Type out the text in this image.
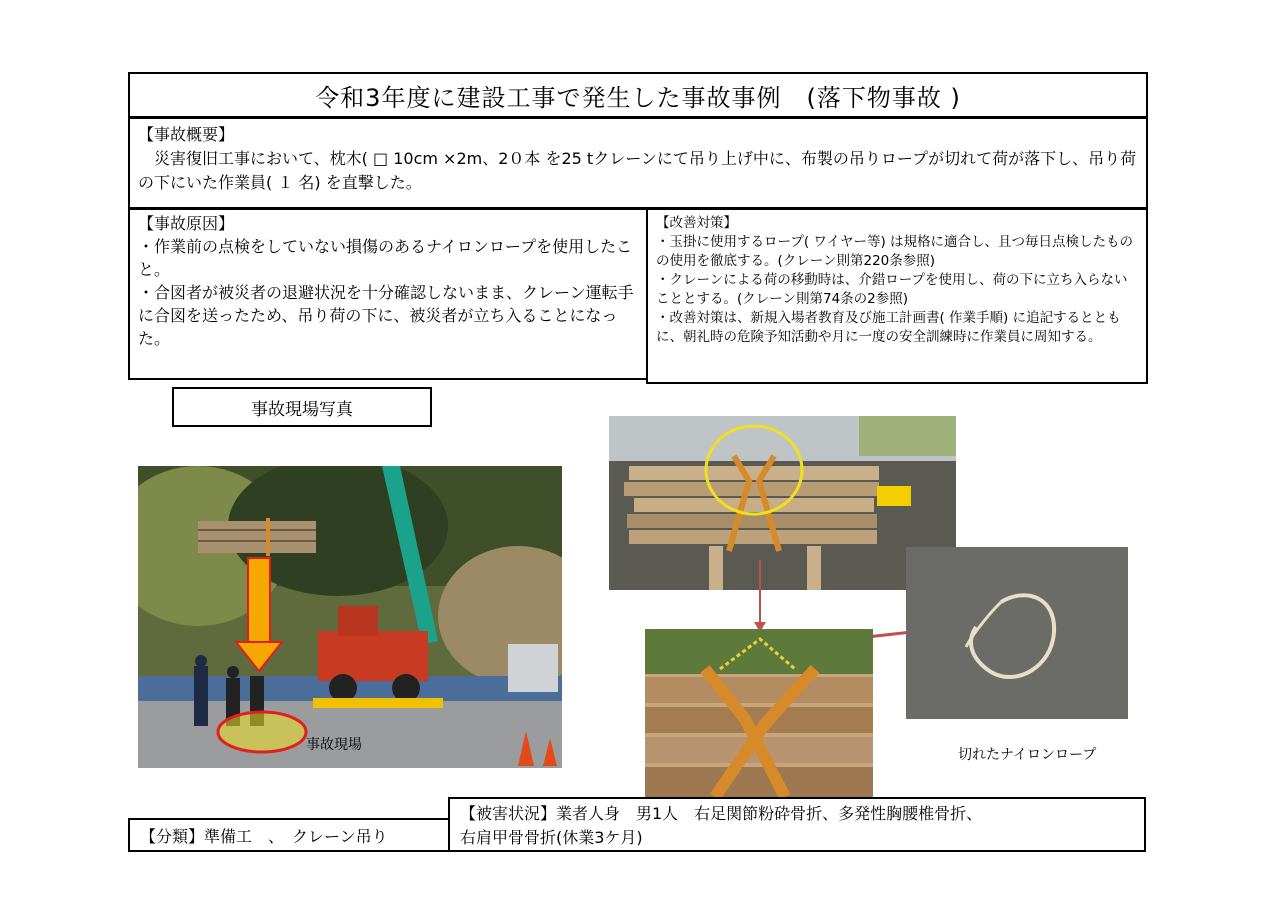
令和3年度に建設工事で発生した事故事例　(落下物事故 )
【事故概要】
　災害復旧工事において、枕木( □ 10cm ×2m、2０本 を25 tクレーンにて吊り上げ中に、布製の吊りロープが切れて荷が落下し、吊り荷の下にいた作業員( １ 名) を直撃した。
【事故原因】
・作業前の点検をしていない損傷のあるナイロンロープを使用したこと。
・合図者が被災者の退避状況を十分確認しないまま、クレーン運転手に合図を送ったため、吊り荷の下に、被災者が立ち入ることになった。
【改善対策】
・玉掛に使用するロープ( ワイヤー等) は規格に適合し、且つ毎日点検したものの使用を徹底する。(クレーン則第220条参照)
・クレーンによる荷の移動時は、介錯ロープを使用し、荷の下に立ち入らないこととする。(クレーン則第74条の2参照)
・改善対策は、新規入場者教育及び施工計画書( 作業手順) に追記するとともに、朝礼時の危険予知活動や月に一度の安全訓練時に作業員に周知する。
事故現場写真
事故現場
切れたナイロンロープ
【分類】準備工　、　クレーン吊り
【被害状況】業者人身　男1人　右足関節粉砕骨折、多発性胸腰椎骨折、
右肩甲骨骨折(休業3ケ月)
